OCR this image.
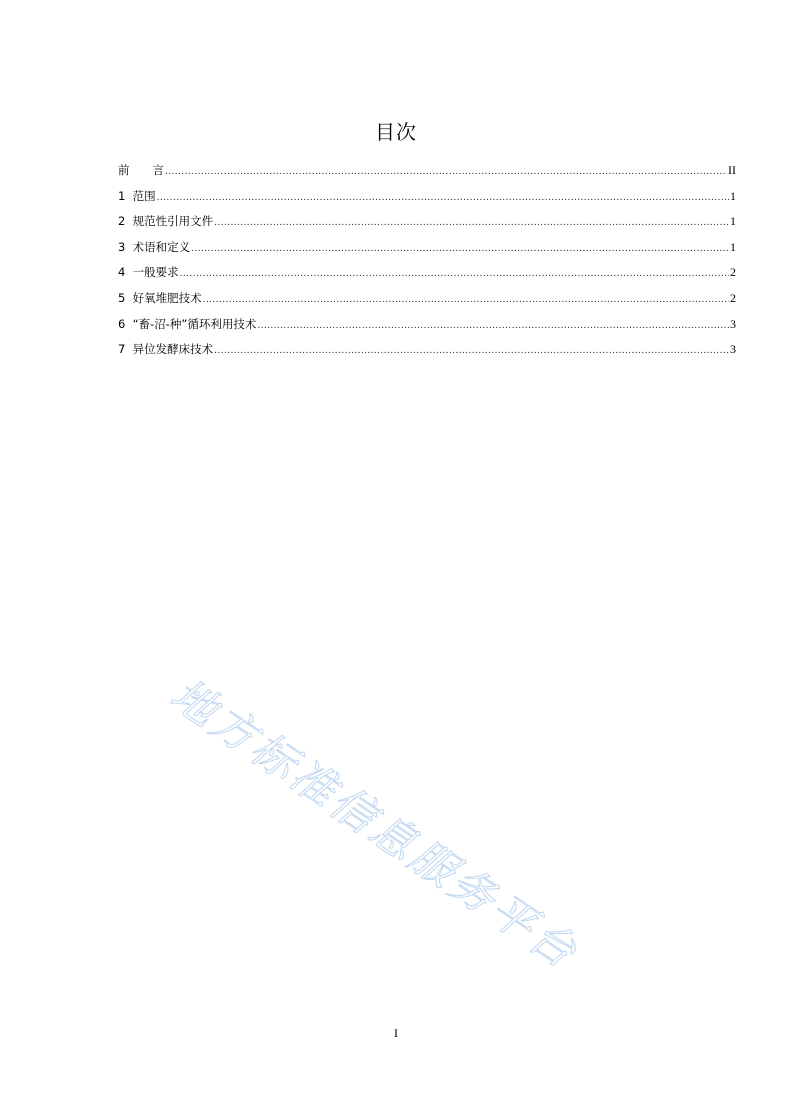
目次
前　　言 .....	II
1  范围 .....	1
2  规范性引用文件 .....	1
3  术语和定义 .....	1
4  一般要求 .....	2
5  好氧堆肥技术 .....	2
6  “畜-沼-种”循环利用技术 .....	3
7  异位发酵床技术 .....	3
地方标准信息服务平台
I
